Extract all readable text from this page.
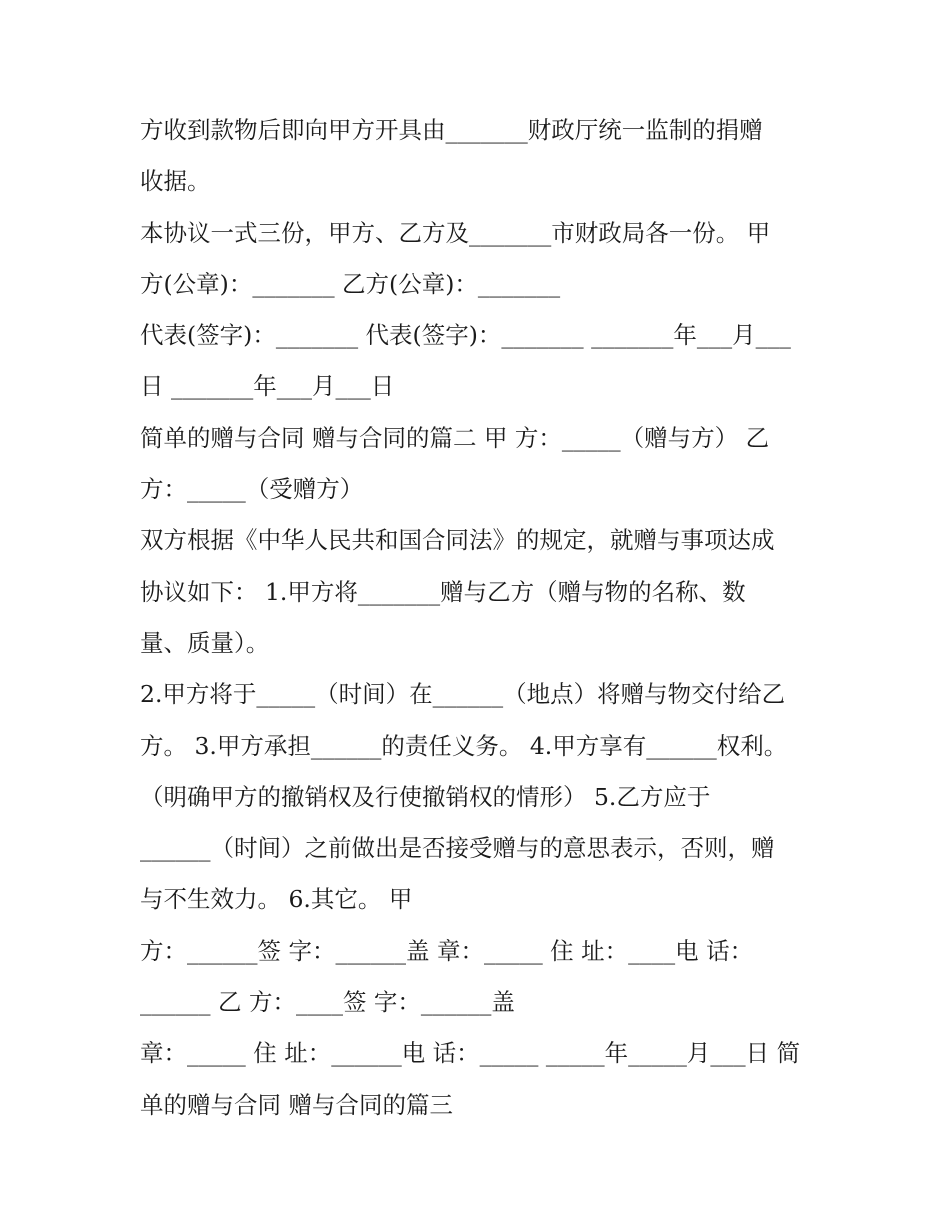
方收到款物后即向甲方开具由_______财政厅统一监制的捐赠
收据。
本协议一式三份，甲方、乙方及_______市财政局各一份。 甲
方(公章)：_______ 乙方(公章)：_______
代表(签字)：_______ 代表(签字)：_______ _______年___月___
日 _______年___月___日
简单的赠与合同 赠与合同的篇二 甲 方：_____（赠与方） 乙
方：_____（受赠方）
双方根据《中华人民共和国合同法》的规定，就赠与事项达成
协议如下： 1.甲方将_______赠与乙方（赠与物的名称、数
量、质量）。
2.甲方将于_____（时间）在______（地点）将赠与物交付给乙
方。 3.甲方承担______的责任义务。 4.甲方享有______权利。
（明确甲方的撤销权及行使撤销权的情形） 5.乙方应于
______（时间）之前做出是否接受赠与的意思表示，否则，赠
与不生效力。 6.其它。 甲
方：______签 字：______盖 章：_____ 住 址：____电 话：
______ 乙 方：____签 字：______盖
章：_____ 住 址：______电 话：_____ _____年_____月___日 简
单的赠与合同 赠与合同的篇三
